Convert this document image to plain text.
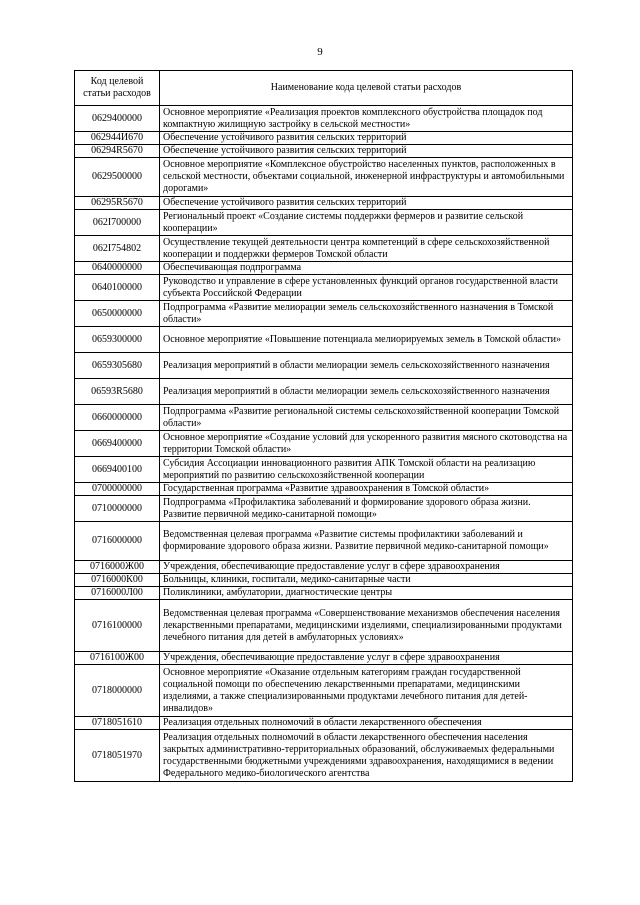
9
Код целевой статьи расходов	Наименование кода целевой статьи расходов
0629400000	Основное мероприятие «Реализация проектов комплексного обустройства площадок под компактную жилищную застройку в сельской местности»
062944И670	Обеспечение устойчивого развития сельских территорий
06294R5670	Обеспечение устойчивого развития сельских территорий
0629500000	Основное мероприятие «Комплексное обустройство населенных пунктов, расположенных в сельской местности, объектами социальной, инженерной инфраструктуры и автомобильными дорогами»
06295R5670	Обеспечение устойчивого развития сельских территорий
062I700000	Региональный проект «Создание системы поддержки фермеров и развитие сельской кооперации»
062I754802	Осуществление текущей деятельности центра компетенций в сфере сельскохозяйственной кооперации и поддержки фермеров Томской области
0640000000	Обеспечивающая подпрограмма
0640100000	Руководство и управление в сфере установленных функций органов государственной власти субъекта Российской Федерации
0650000000	Подпрограмма «Развитие мелиорации земель сельскохозяйственного назначения в Томской области»
0659300000	Основное мероприятие «Повышение потенциала мелиорируемых земель в Томской области»
0659305680	Реализация мероприятий в области мелиорации земель сельскохозяйственного назначения
06593R5680	Реализация мероприятий в области мелиорации земель сельскохозяйственного назначения
0660000000	Подпрограмма «Развитие региональной системы сельскохозяйственной кооперации Томской области»
0669400000	Основное мероприятие «Создание условий для ускоренного развития мясного скотоводства на территории Томской области»
0669400100	Субсидия Ассоциации инновационного развития АПК Томской области на реализацию мероприятий по развитию сельскохозяйственной кооперации
0700000000	Государственная программа «Развитие здравоохранения в Томской области»
0710000000	Подпрограмма «Профилактика заболеваний и формирование здорового образа жизни. Развитие первичной медико-санитарной помощи»
0716000000	Ведомственная целевая программа «Развитие системы профилактики заболеваний и формирование здорового образа жизни. Развитие первичной медико-санитарной помощи»
0716000Ж00	Учреждения, обеспечивающие предоставление услуг в сфере здравоохранения
0716000К00	Больницы, клиники, госпитали, медико-санитарные части
0716000Л00	Поликлиники, амбулатории, диагностические центры
0716100000	Ведомственная целевая программа «Совершенствование механизмов обеспечения населения лекарственными препаратами, медицинскими изделиями, специализированными продуктами лечебного питания для детей в амбулаторных условиях»
0716100Ж00	Учреждения, обеспечивающие предоставление услуг в сфере здравоохранения
0718000000	Основное мероприятие «Оказание отдельным категориям граждан государственной социальной помощи по обеспечению лекарственными препаратами, медицинскими изделиями, а также специализированными продуктами лечебного питания для детей-инвалидов»
0718051610	Реализация отдельных полномочий в области лекарственного обеспечения
0718051970	Реализация отдельных полномочий в области лекарственного обеспечения населения закрытых административно-территориальных образований, обслуживаемых федеральными государственными бюджетными учреждениями здравоохранения, находящимися в ведении Федерального медико-биологического агентства
